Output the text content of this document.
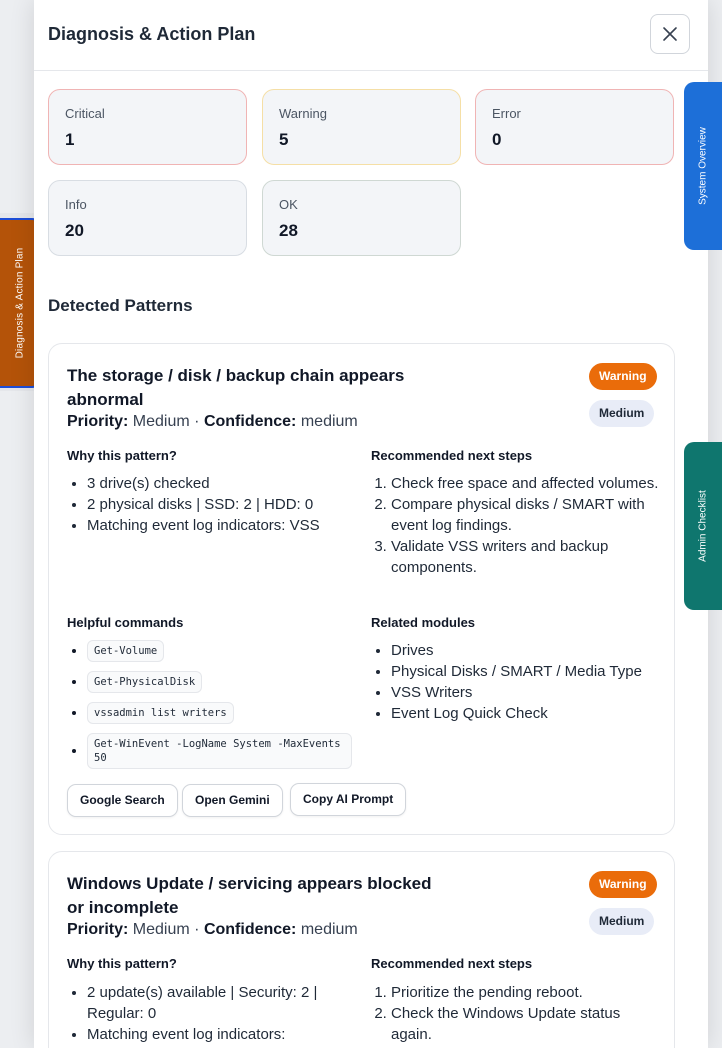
Diagnosis & Action Plan
Diagnosis & Action Plan
Critical
1
Warning
5
Error
0
Info
20
OK
28
Detected Patterns
The storage / disk / backup chain appears abnormal
Priority: Medium · Confidence: medium
Warning
Medium
Why this pattern?
• 3 drive(s) checked
• 2 physical disks | SSD: 2 | HDD: 0
• Matching event log indicators: VSS
Recommended next steps
1. Check free space and affected volumes.
2. Compare physical disks / SMART with event log findings.
3. Validate VSS writers and backup components.
Helpful commands
• Get-Volume
• Get-PhysicalDisk
• vssadmin list writers
• Get-WinEvent -LogName System -MaxEvents 50
Related modules
• Drives
• Physical Disks / SMART / Media Type
• VSS Writers
• Event Log Quick Check
Google Search	Open Gemini	Copy AI Prompt
Windows Update / servicing appears blocked or incomplete
Priority: Medium · Confidence: medium
Warning
Medium
Why this pattern?
• 2 update(s) available | Security: 2 | Regular: 0
• Matching event log indicators:
Recommended next steps
1. Prioritize the pending reboot.
2. Check the Windows Update status again.
System Overview
Admin Checklist
